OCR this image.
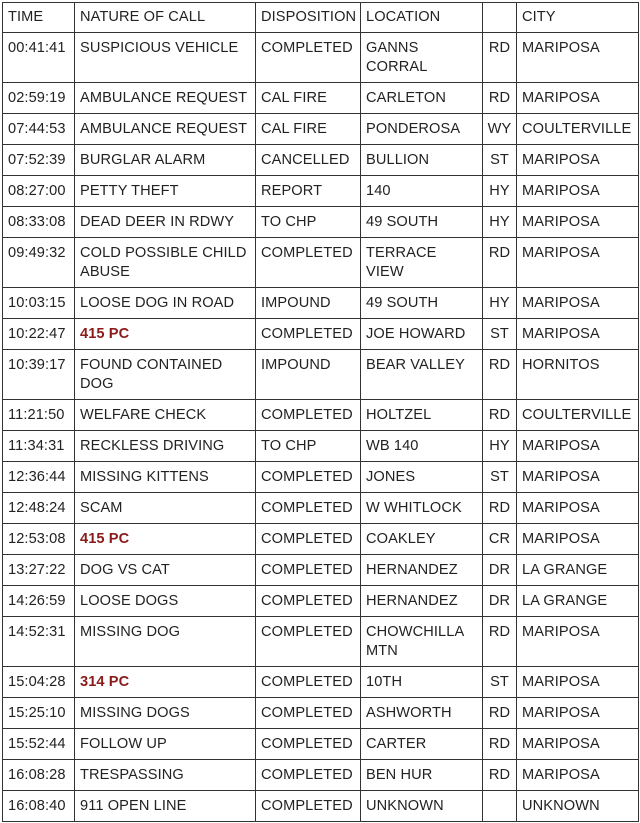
TIME	NATURE OF CALL	DISPOSITION	LOCATION		CITY
00:41:41	SUSPICIOUS VEHICLE	COMPLETED	GANNS CORRAL	RD	MARIPOSA
02:59:19	AMBULANCE REQUEST	CAL FIRE	CARLETON	RD	MARIPOSA
07:44:53	AMBULANCE REQUEST	CAL FIRE	PONDEROSA	WY	COULTERVILLE
07:52:39	BURGLAR ALARM	CANCELLED	BULLION	ST	MARIPOSA
08:27:00	PETTY THEFT	REPORT	140	HY	MARIPOSA
08:33:08	DEAD DEER IN RDWY	TO CHP	49 SOUTH	HY	MARIPOSA
09:49:32	COLD POSSIBLE CHILD ABUSE	COMPLETED	TERRACE VIEW	RD	MARIPOSA
10:03:15	LOOSE DOG IN ROAD	IMPOUND	49 SOUTH	HY	MARIPOSA
10:22:47	415 PC	COMPLETED	JOE HOWARD	ST	MARIPOSA
10:39:17	FOUND CONTAINED DOG	IMPOUND	BEAR VALLEY	RD	HORNITOS
11:21:50	WELFARE CHECK	COMPLETED	HOLTZEL	RD	COULTERVILLE
11:34:31	RECKLESS DRIVING	TO CHP	WB 140	HY	MARIPOSA
12:36:44	MISSING KITTENS	COMPLETED	JONES	ST	MARIPOSA
12:48:24	SCAM	COMPLETED	W WHITLOCK	RD	MARIPOSA
12:53:08	415 PC	COMPLETED	COAKLEY	CR	MARIPOSA
13:27:22	DOG VS CAT	COMPLETED	HERNANDEZ	DR	LA GRANGE
14:26:59	LOOSE DOGS	COMPLETED	HERNANDEZ	DR	LA GRANGE
14:52:31	MISSING DOG	COMPLETED	CHOWCHILLA MTN	RD	MARIPOSA
15:04:28	314 PC	COMPLETED	10TH	ST	MARIPOSA
15:25:10	MISSING DOGS	COMPLETED	ASHWORTH	RD	MARIPOSA
15:52:44	FOLLOW UP	COMPLETED	CARTER	RD	MARIPOSA
16:08:28	TRESPASSING	COMPLETED	BEN HUR	RD	MARIPOSA
16:08:40	911 OPEN LINE	COMPLETED	UNKNOWN		UNKNOWN
